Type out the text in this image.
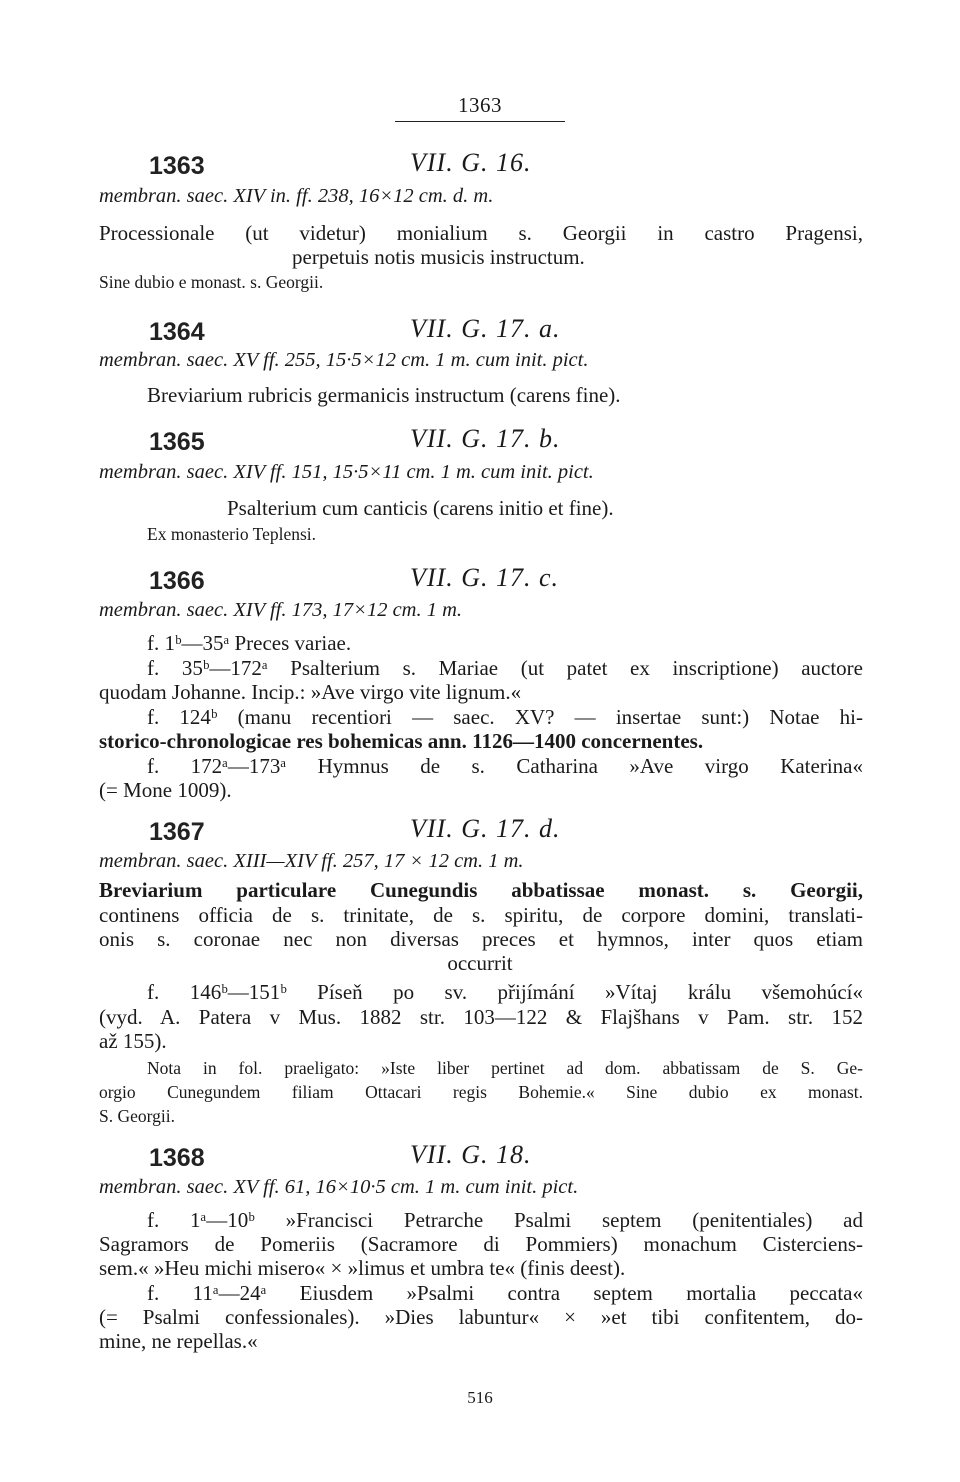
1363
1363	VII. G. 16.
membran. saec. XIV in. ff. 238, 16×12 cm. d. m.
Processionale (ut videtur) monialium s. Georgii in castro Pragensi,
perpetuis notis musicis instructum.
Sine dubio e monast. s. Georgii.
1364	VII. G. 17. a.
membran. saec. XV ff. 255, 15·5×12 cm. 1 m. cum init. pict.
Breviarium rubricis germanicis instructum (carens fine).
1365	VII. G. 17. b.
membran. saec. XIV ff. 151, 15·5×11 cm. 1 m. cum init. pict.
Psalterium cum canticis (carens initio et fine).
Ex monasterio Teplensi.
1366	VII. G. 17. c.
membran. saec. XIV ff. 173, 17×12 cm. 1 m.
f. 1ᵇ—35ᵃ Preces variae.
f. 35ᵇ—172ᵃ Psalterium s. Mariae (ut patet ex inscriptione) auctore
quodam Johanne. Incip.: »Ave virgo vite lignum.«
f. 124ᵇ (manu recentiori — saec. XV? — insertae sunt:) Notae hi-
storico-chronologicae res bohemicas ann. 1126—1400 concernentes.
f. 172ᵃ—173ᵃ Hymnus de s. Catharina »Ave virgo Katerina«
(= Mone 1009).
1367	VII. G. 17. d.
membran. saec. XIII—XIV ff. 257, 17 × 12 cm. 1 m.
Breviarium particulare Cunegundis abbatissae monast. s. Georgii,
continens officia de s. trinitate, de s. spiritu, de corpore domini, translati-
onis s. coronae nec non diversas preces et hymnos, inter quos etiam
occurrit
f. 146ᵇ—151ᵇ Píseň po sv. přijímání »Vítaj králu všemohúcí«
(vyd. A. Patera v Mus. 1882 str. 103—122 & Flajšhans v Pam. str. 152
až 155).
Nota in fol. praeligato: »Iste liber pertinet ad dom. abbatissam de S. Ge-
orgio Cunegundem filiam Ottacari regis Bohemie.« Sine dubio ex monast.
S. Georgii.
1368	VII. G. 18.
membran. saec. XV ff. 61, 16×10·5 cm. 1 m. cum init. pict.
f. 1ᵃ—10ᵇ »Francisci Petrarche Psalmi septem (penitentiales) ad
Sagramors de Pomeriis (Sacramore di Pommiers) monachum Cisterciens-
sem.« »Heu michi misero« × »limus et umbra te« (finis deest).
f. 11ᵃ—24ᵃ Eiusdem »Psalmi contra septem mortalia peccata«
(= Psalmi confessionales). »Dies labuntur« × »et tibi confitentem, do-
mine, ne repellas.«
516
